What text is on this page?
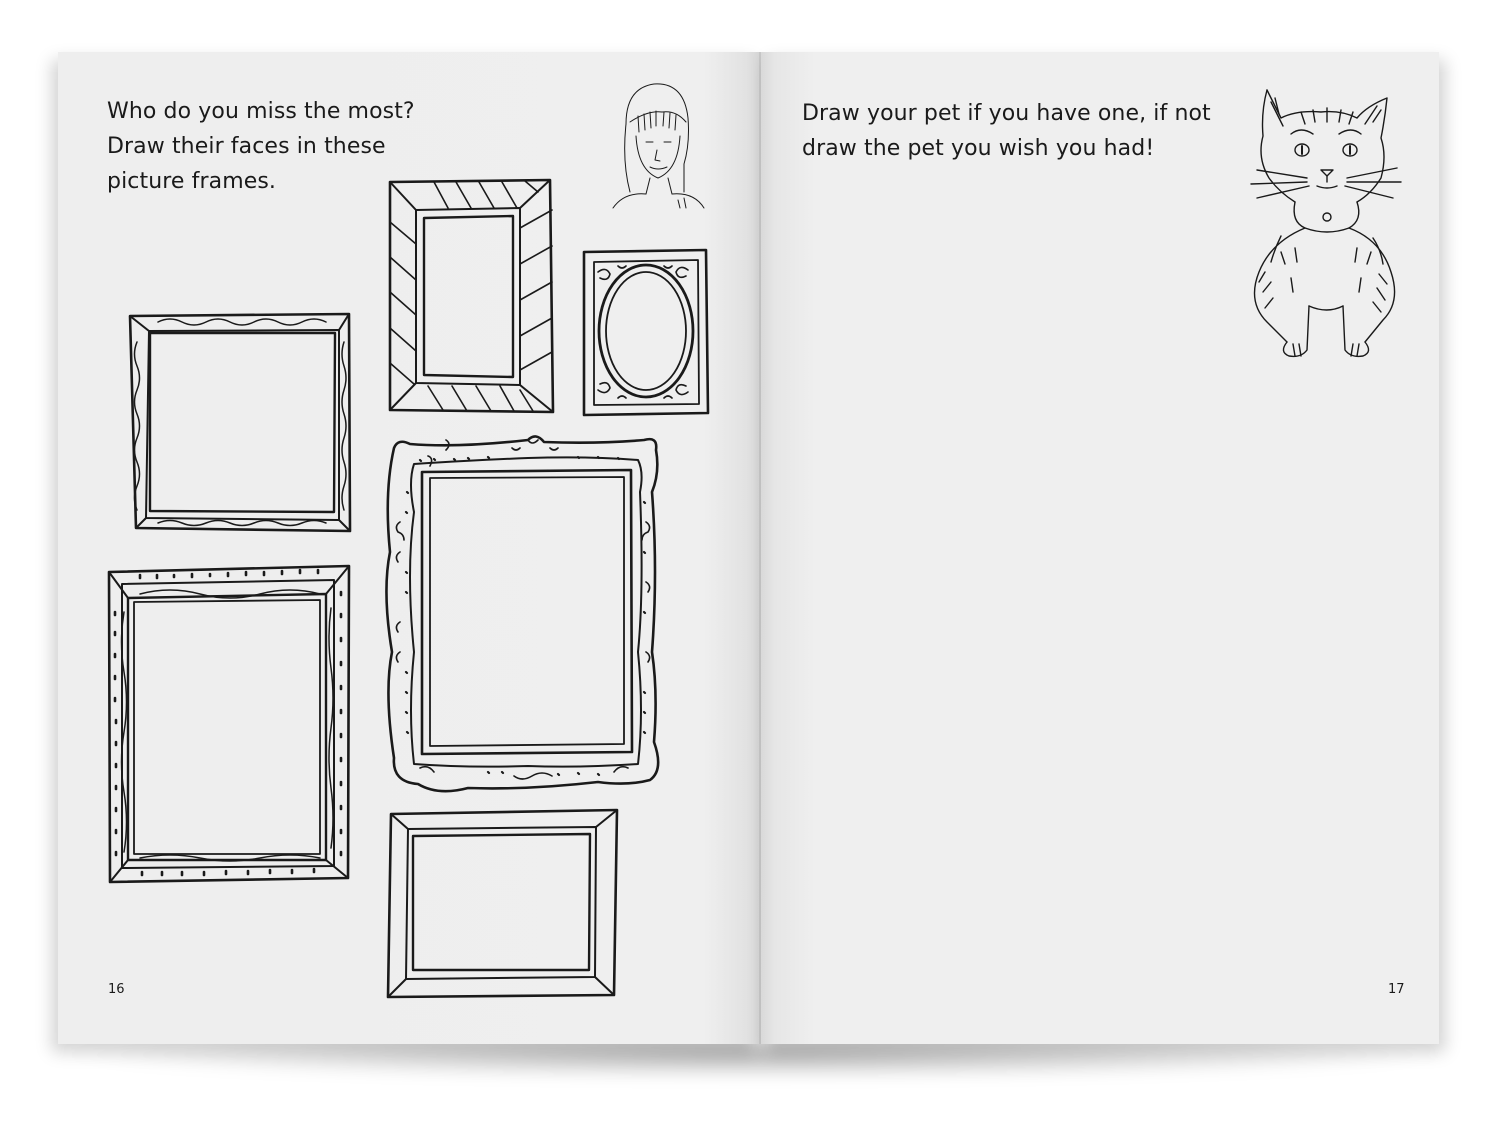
Who do you miss the most?
Draw their faces in these
picture frames.

16

Draw your pet if you have one, if not
draw the pet you wish you had!

17
